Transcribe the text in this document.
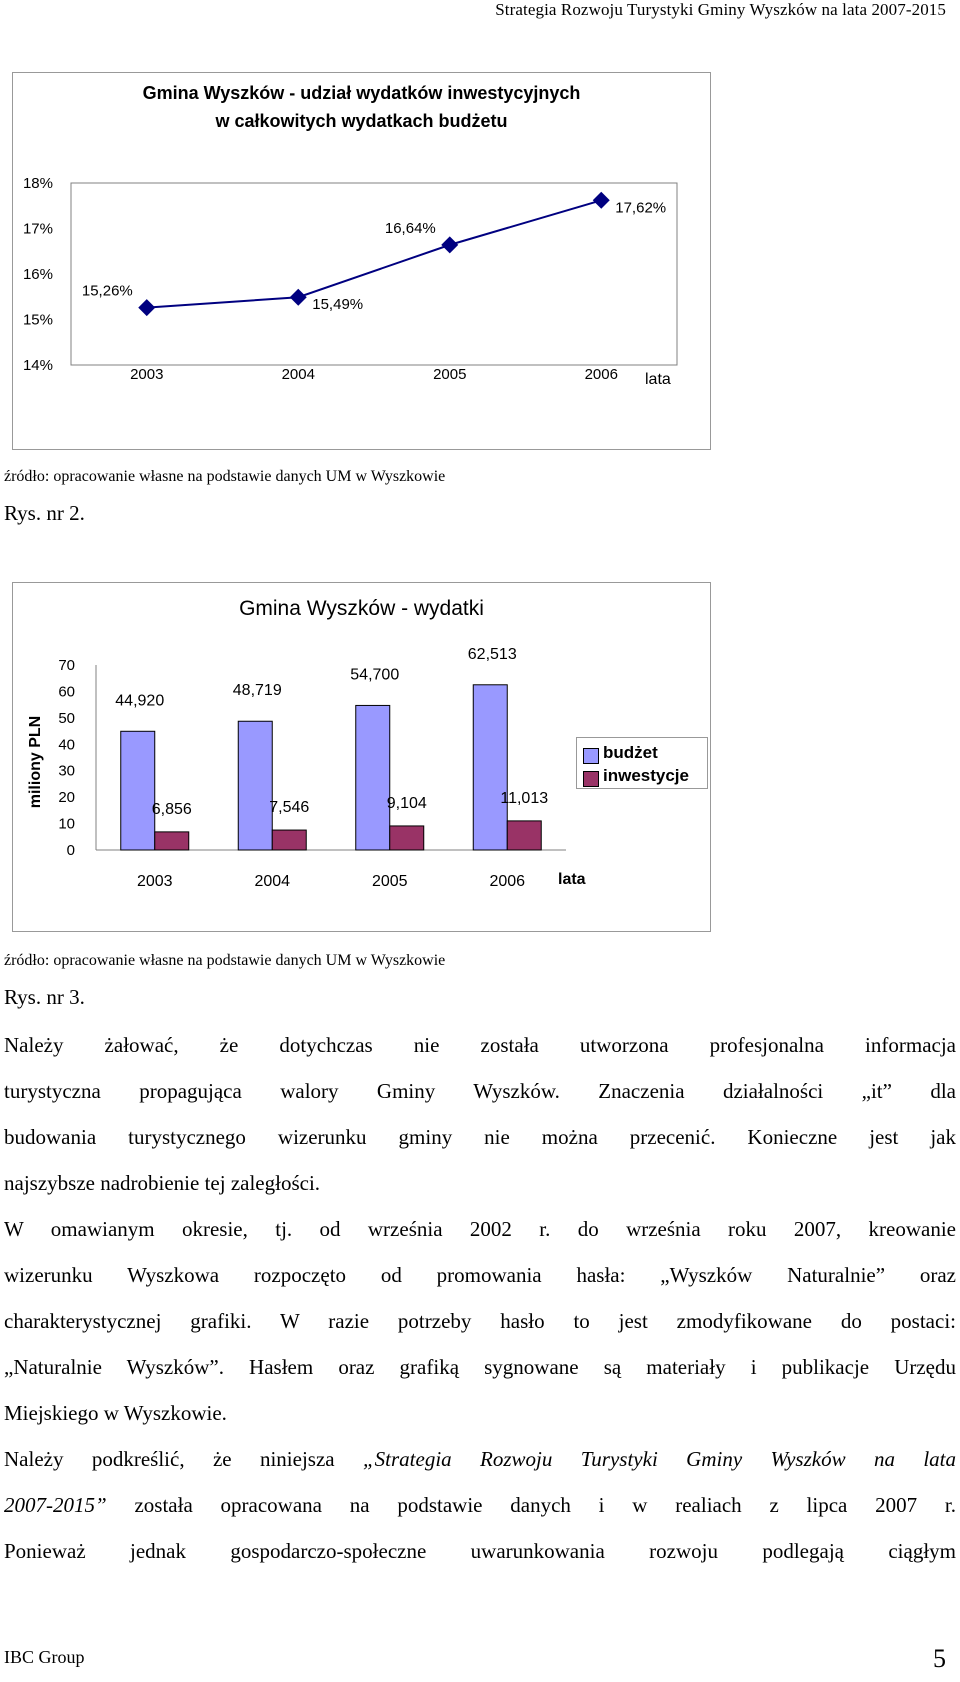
Strategia Rozwoju Turystyki Gminy Wyszków na lata 2007-2015
Gmina Wyszków - udział wydatków inwestycyjnych
w całkowitych wydatkach budżetu
14%
15%
16%
17%
18%
2003	2004	2005	2006
15,26%
15,49%
16,64%
17,62%
lata
źródło: opracowanie własne na podstawie danych UM w Wyszkowie
Rys. nr 2.
Gmina Wyszków - wydatki
miliony PLN
0
10
20
30
40
50
60
70
2003
44,920
6,856
2004
48,719
7,546
2005
54,700
9,104
2006
62,513
11,013
lata
budżet
inwestycje
źródło: opracowanie własne na podstawie danych UM w Wyszkowie
Rys. nr 3.
Należy żałować, że dotychczas nie została utworzona profesjonalna informacja
turystyczna propagująca walory Gminy Wyszków. Znaczenia działalności „it” dla
budowania turystycznego wizerunku gminy nie można przecenić. Konieczne jest jak
najszybsze nadrobienie tej zaległości.
W omawianym okresie, tj. od września 2002 r. do września roku 2007, kreowanie
wizerunku Wyszkowa rozpoczęto od promowania hasła: „Wyszków Naturalnie” oraz
charakterystycznej grafiki. W razie potrzeby hasło to jest zmodyfikowane do postaci:
„Naturalnie Wyszków”. Hasłem oraz grafiką sygnowane są materiały i publikacje Urzędu
Miejskiego w Wyszkowie.
Należy podkreślić, że niniejsza „Strategia Rozwoju Turystyki Gminy Wyszków na lata
2007-2015” została opracowana na podstawie danych i w realiach z lipca 2007 r.
Ponieważ jednak gospodarczo-społeczne uwarunkowania rozwoju podlegają ciągłym
IBC Group	5
